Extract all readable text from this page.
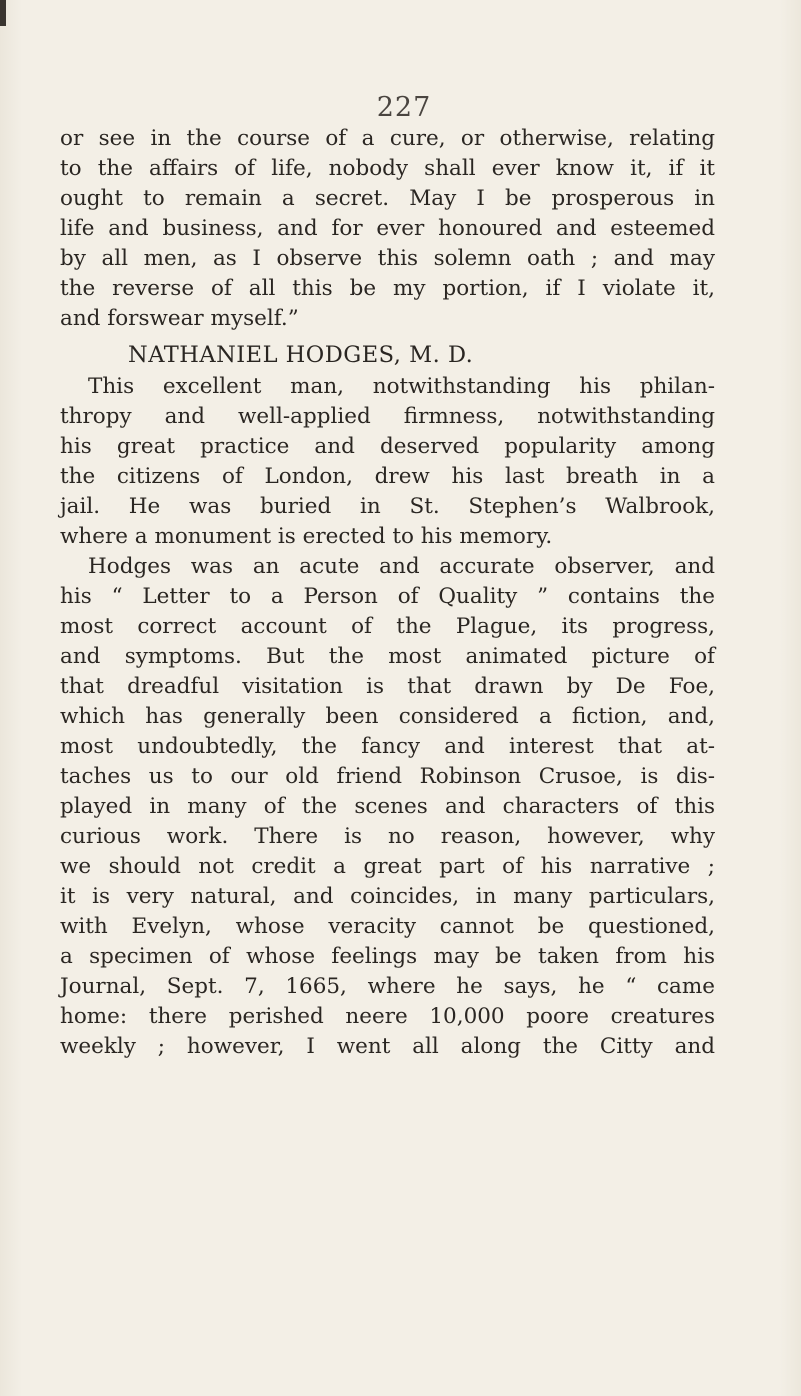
227
or see in the course of a cure, or otherwise, relating
to the affairs of life, nobody shall ever know it, if it
ought to remain a secret. May I be prosperous in
life and business, and for ever honoured and esteemed
by all men, as I observe this solemn oath ; and may
the reverse of all this be my portion, if I violate it,
and forswear myself.”
NATHANIEL HODGES, M. D.
This excellent man, notwithstanding his philan-
thropy and well-applied firmness, notwithstanding
his great practice and deserved popularity among
the citizens of London, drew his last breath in a
jail. He was buried in St. Stephen’s Walbrook,
where a monument is erected to his memory.
Hodges was an acute and accurate observer, and
his “ Letter to a Person of Quality ” contains the
most correct account of the Plague, its progress,
and symptoms. But the most animated picture of
that dreadful visitation is that drawn by De Foe,
which has generally been considered a fiction, and,
most undoubtedly, the fancy and interest that at-
taches us to our old friend Robinson Crusoe, is dis-
played in many of the scenes and characters of this
curious work. There is no reason, however, why
we should not credit a great part of his narrative ;
it is very natural, and coincides, in many particulars,
with Evelyn, whose veracity cannot be questioned,
a specimen of whose feelings may be taken from his
Journal, Sept. 7, 1665, where he says, he “ came
home: there perished neere 10,000 poore creatures
weekly ; however, I went all along the Citty and
